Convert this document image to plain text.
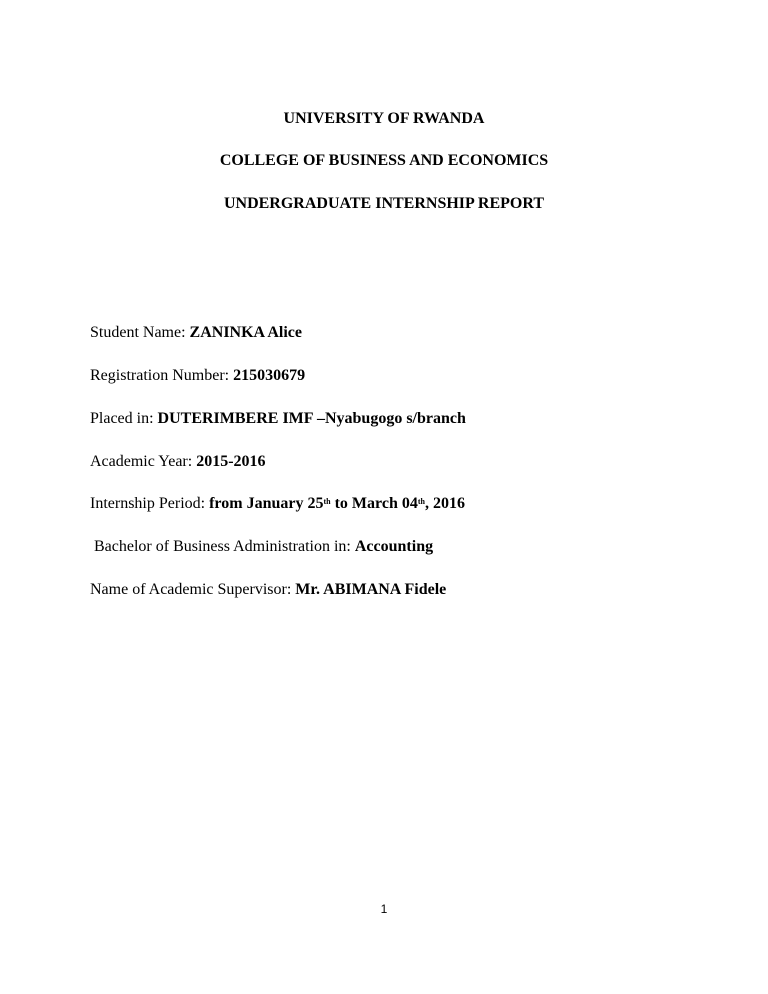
UNIVERSITY OF RWANDA
COLLEGE OF BUSINESS AND ECONOMICS
UNDERGRADUATE INTERNSHIP REPORT
Student Name: ZANINKA Alice
Registration Number: 215030679
Placed in: DUTERIMBERE IMF –Nyabugogo s/branch
Academic Year: 2015-2016
Internship Period: from January 25th to March 04th, 2016
Bachelor of Business Administration in: Accounting
Name of Academic Supervisor: Mr. ABIMANA Fidele
1
